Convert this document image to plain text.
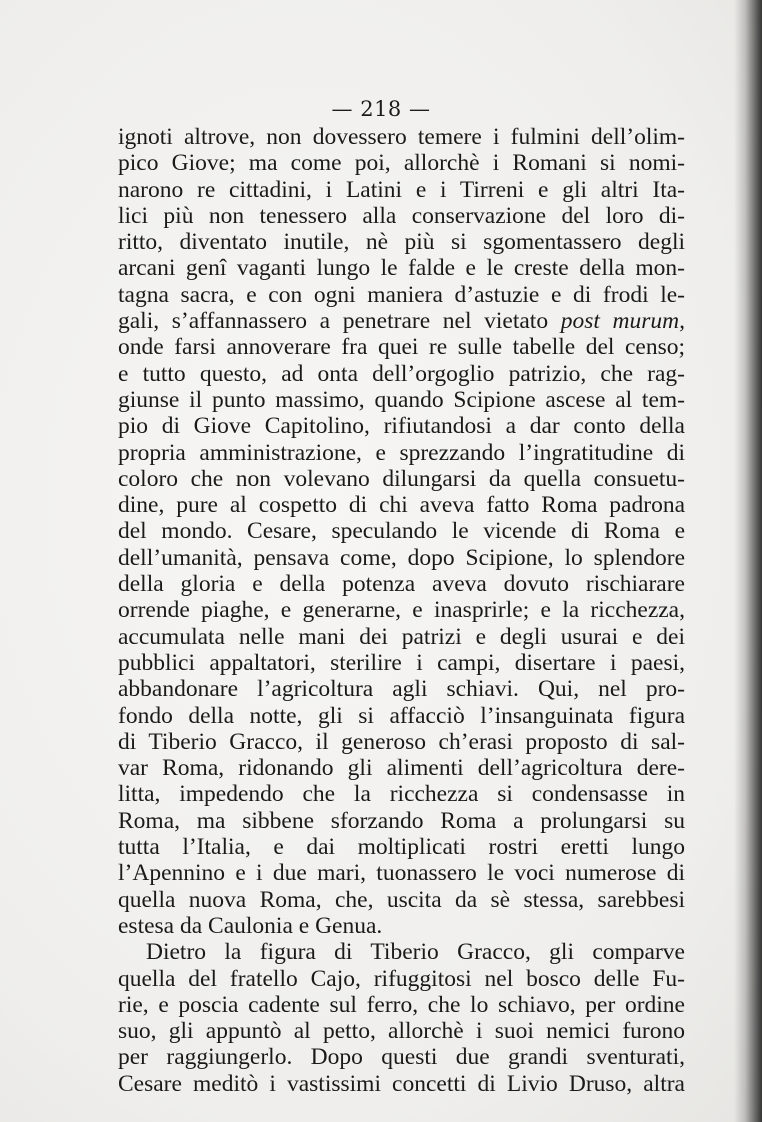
— 218 —
ignoti altrove, non dovessero temere i fulmini dell’olim-
pico Giove; ma come poi, allorchè i Romani si nomi-
narono re cittadini, i Latini e i Tirreni e gli altri Ita-
lici più non tenessero alla conservazione del loro di-
ritto, diventato inutile, nè più si sgomentassero degli
arcani genî vaganti lungo le falde e le creste della mon-
tagna sacra, e con ogni maniera d’astuzie e di frodi le-
gali, s’affannassero a penetrare nel vietato post murum,
onde farsi annoverare fra quei re sulle tabelle del censo;
e tutto questo, ad onta dell’orgoglio patrizio, che rag-
giunse il punto massimo, quando Scipione ascese al tem-
pio di Giove Capitolino, rifiutandosi a dar conto della
propria amministrazione, e sprezzando l’ingratitudine di
coloro che non volevano dilungarsi da quella consuetu-
dine, pure al cospetto di chi aveva fatto Roma padrona
del mondo. Cesare, speculando le vicende di Roma e
dell’umanità, pensava come, dopo Scipione, lo splendore
della gloria e della potenza aveva dovuto rischiarare
orrende piaghe, e generarne, e inasprirle; e la ricchezza,
accumulata nelle mani dei patrizi e degli usurai e dei
pubblici appaltatori, sterilire i campi, disertare i paesi,
abbandonare l’agricoltura agli schiavi. Qui, nel pro-
fondo della notte, gli si affacciò l’insanguinata figura
di Tiberio Gracco, il generoso ch’erasi proposto di sal-
var Roma, ridonando gli alimenti dell’agricoltura dere-
litta, impedendo che la ricchezza si condensasse in
Roma, ma sibbene sforzando Roma a prolungarsi su
tutta l’Italia, e dai moltiplicati rostri eretti lungo
l’Apennino e i due mari, tuonassero le voci numerose di
quella nuova Roma, che, uscita da sè stessa, sarebbesi
estesa da Caulonia e Genua.
Dietro la figura di Tiberio Gracco, gli comparve
quella del fratello Cajo, rifuggitosi nel bosco delle Fu-
rie, e poscia cadente sul ferro, che lo schiavo, per ordine
suo, gli appuntò al petto, allorchè i suoi nemici furono
per raggiungerlo. Dopo questi due grandi sventurati,
Cesare meditò i vastissimi concetti di Livio Druso, altra
